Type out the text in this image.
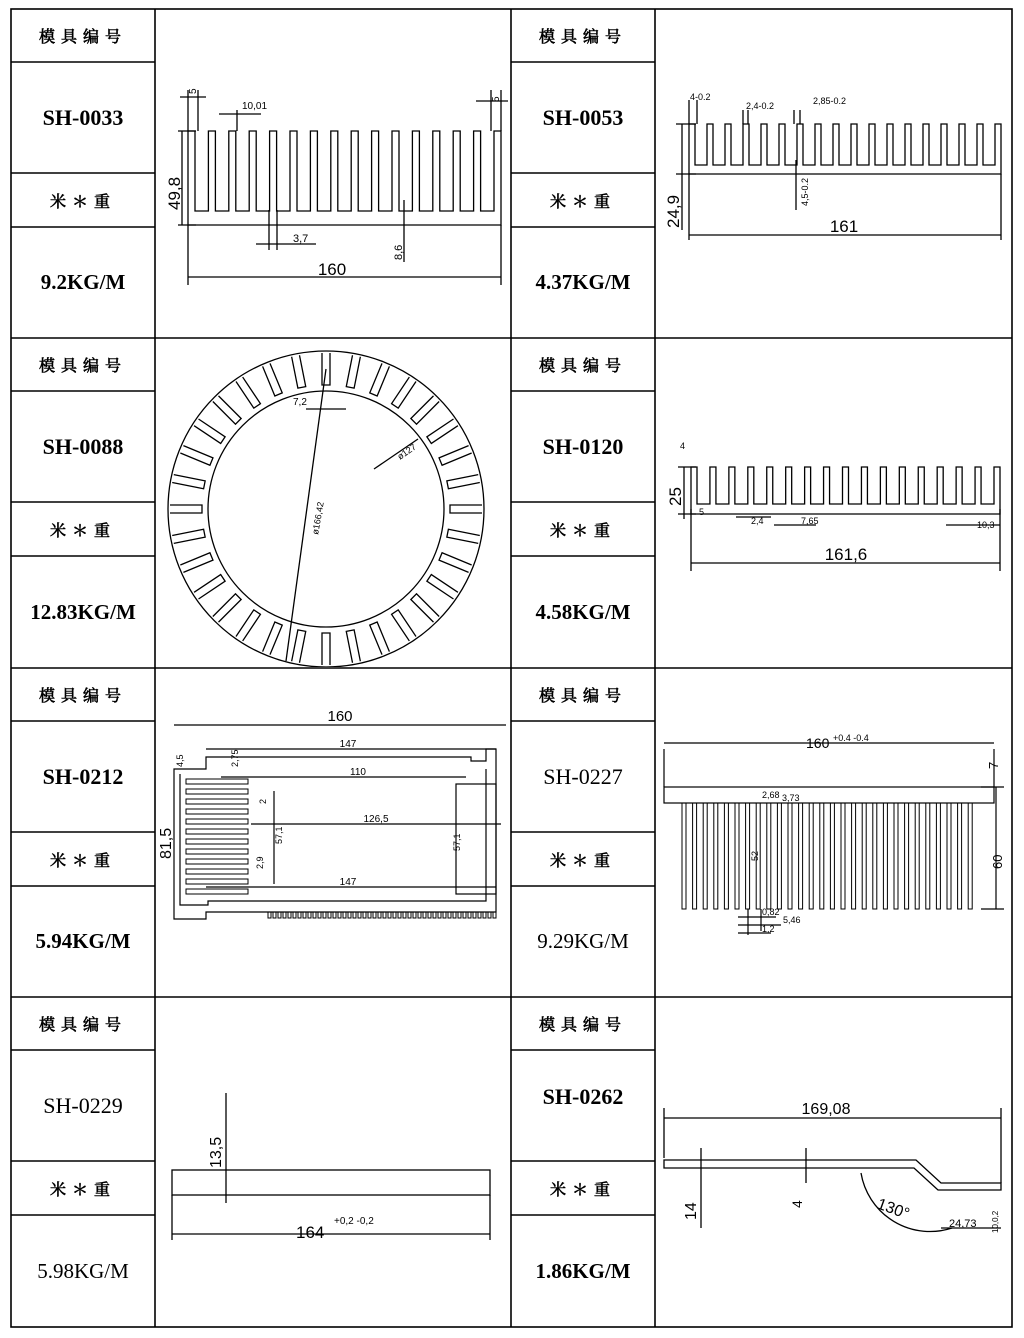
模具编号
SH-0033
米＊重
9.2KG/M
模具编号
SH-0053
米＊重
4.37KG/M
模具编号
SH-0088
米＊重
12.83KG/M
模具编号
SH-0120
米＊重
4.58KG/M
模具编号
SH-0212
米＊重
5.94KG/M
模具编号
SH-0227
米＊重
9.29KG/M
模具编号
SH-0229
米＊重
5.98KG/M
模具编号
SH-0262
米＊重
1.86KG/M
160
49,8
5
5
10,01
3,7
8,6
161
24,9
4-0.2
2,4-0.2	2,85-0.2
4,5-0.2
7,2
ø127
ø166,42
161,6
25
4
5
2,4	7,65	10,3
160
81,5
147
110
126,5
147
57,1	57,1
4,5	2,75
2
2,9
160 +0.4 -0.4
7
60
2,68 3,73
52
0,82
5,46
1,2
164
+0,2 -0,2
13,5
169,08
14	4	130°
24,73 10,0,2
